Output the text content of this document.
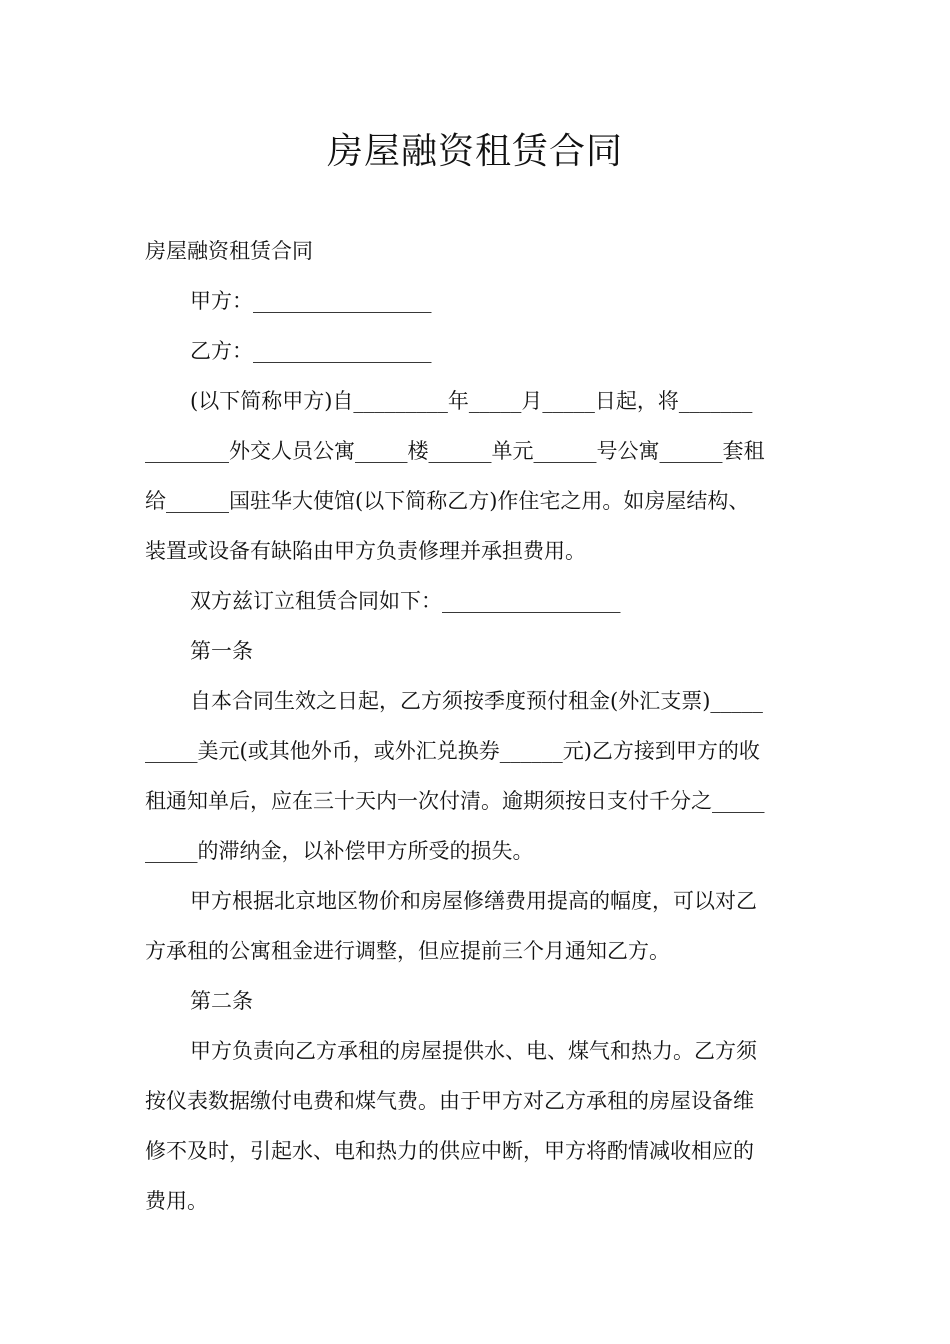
房屋融资租赁合同

房屋融资租赁合同

甲方：_________________

乙方：_________________

(以下简称甲方)自_________年_____月_____日起，将_______

________外交人员公寓_____楼______单元______号公寓______套租

给______国驻华大使馆(以下简称乙方)作住宅之用。如房屋结构、

装置或设备有缺陷由甲方负责修理并承担费用。

双方兹订立租赁合同如下：_________________

第一条

自本合同生效之日起，乙方须按季度预付租金(外汇支票)_____

_____美元(或其他外币，或外汇兑换券______元)乙方接到甲方的收

租通知单后，应在三十天内一次付清。逾期须按日支付千分之_____

_____的滞纳金，以补偿甲方所受的损失。

甲方根据北京地区物价和房屋修缮费用提高的幅度，可以对乙

方承租的公寓租金进行调整，但应提前三个月通知乙方。

第二条

甲方负责向乙方承租的房屋提供水、电、煤气和热力。乙方须

按仪表数据缴付电费和煤气费。由于甲方对乙方承租的房屋设备维

修不及时，引起水、电和热力的供应中断，甲方将酌情减收相应的

费用。
